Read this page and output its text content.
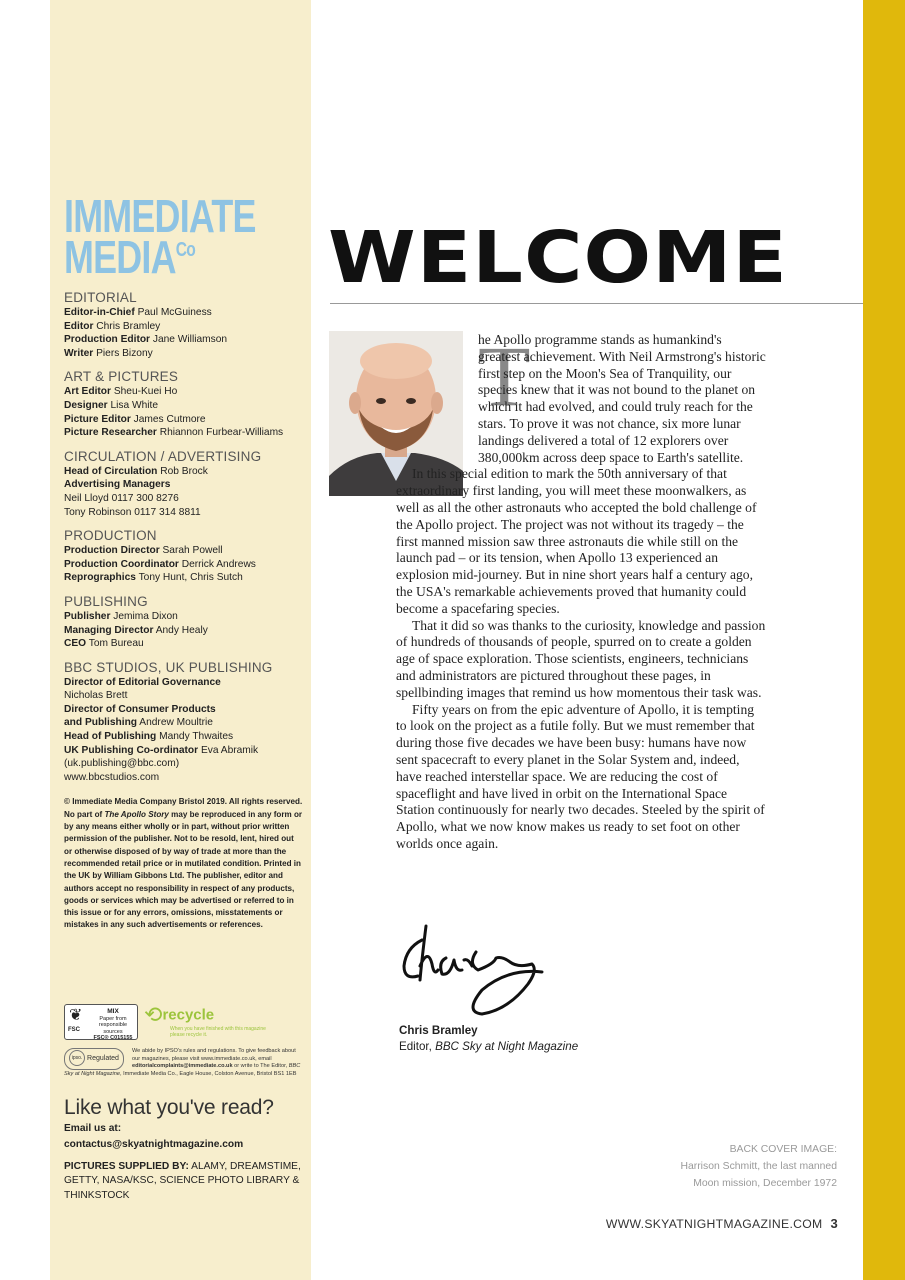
IMMEDIATE
$MEDIA^{Co}$
EDITORIAL
Editor-in-Chief Paul McGuiness
Editor Chris Bramley
Production Editor Jane Williamson
Writer Piers Bizony
ART & PICTURES
Art Editor Sheu-Kuei Ho
Designer Lisa White
Picture Editor James Cutmore
Picture Researcher Rhiannon Furbear-Williams
CIRCULATION / ADVERTISING
Head of Circulation Rob Brock
Advertising Managers
Neil Lloyd 0117 300 8276
Tony Robinson 0117 314 8811
PRODUCTION
Production Director Sarah Powell
Production Coordinator Derrick Andrews
Reprographics Tony Hunt, Chris Sutch
PUBLISHING
Publisher Jemima Dixon
Managing Director Andy Healy
CEO Tom Bureau
BBC STUDIOS, UK PUBLISHING
Director of Editorial Governance
Nicholas Brett
Director of Consumer Products
and Publishing Andrew Moultrie
Head of Publishing Mandy Thwaites
UK Publishing Co-ordinator Eva Abramik
(uk.publishing@bbc.com)
www.bbcstudios.com
© Immediate Media Company Bristol 2019. All rights reserved. No part of The Apollo Story may be reproduced in any form or by any means either wholly or in part, without prior written permission of the publisher. Not to be resold, lent, hired out or otherwise disposed of by way of trade at more than the recommended retail price or in mutilated condition. Printed in the UK by William Gibbons Ltd. The publisher, editor and authors accept no responsibility in respect of any products, goods or services which may be advertised or referred to in this issue or for any errors, omissions, misstatements or mistakes in any such advertisements or references.
❦
FSC
MIX
Paper from responsible sources
FSC® C015155
⟲recycle
When you have finished with this magazine please recycle it.
ipso. Regulated
We abide by IPSO's rules and regulations. To give feedback about our magazines, please visit www.immediate.co.uk, email editorialcomplaints@immediate.co.uk or write to The Editor, BBC Sky at Night Magazine, Immediate Media Co., Eagle House, Colston Avenue, Bristol BS1 1EB
Like what you've read?
Email us at:
contactus@skyatnightmagazine.com
PICTURES SUPPLIED BY: ALAMY, DREAMSTIME, GETTY, NASA/KSC, SCIENCE PHOTO LIBRARY & THINKSTOCK
WELCOME
T
he Apollo programme stands as humankind's greatest achievement. With Neil Armstrong's historic first step on the Moon's Sea of Tranquility, our species knew that it was not bound to the planet on which it had evolved, and could truly reach for the stars. To prove it was not chance, six more lunar landings delivered a total of 12 explorers over 380,000km across deep space to Earth's satellite.

In this special edition to mark the 50th anniversary of that extraordinary first landing, you will meet these moonwalkers, as well as all the other astronauts who accepted the bold challenge of the Apollo project. The project was not without its tragedy – the first manned mission saw three astronauts die while still on the launch pad – or its tension, when Apollo 13 experienced an explosion mid-journey. But in nine short years half a century ago, the USA's remarkable achievements proved that humanity could become a spacefaring species.

That it did so was thanks to the curiosity, knowledge and passion of hundreds of thousands of people, spurred on to create a golden age of space exploration. Those scientists, engineers, technicians and administrators are pictured throughout these pages, in spellbinding images that remind us how momentous their task was.

Fifty years on from the epic adventure of Apollo, it is tempting to look on the project as a futile folly. But we must remember that during those five decades we have been busy: humans have now sent spacecraft to every planet in the Solar System and, indeed, have reached interstellar space. We are reducing the cost of spaceflight and have lived in orbit on the International Space Station continuously for nearly two decades. Steeled by the spirit of Apollo, what we now know makes us ready to set foot on other worlds once again.

Chris Bramley
Editor, BBC Sky at Night Magazine
BACK COVER IMAGE:
Harrison Schmitt, the last manned
Moon mission, December 1972
WWW.SKYATNIGHTMAGAZINE.COM 3
